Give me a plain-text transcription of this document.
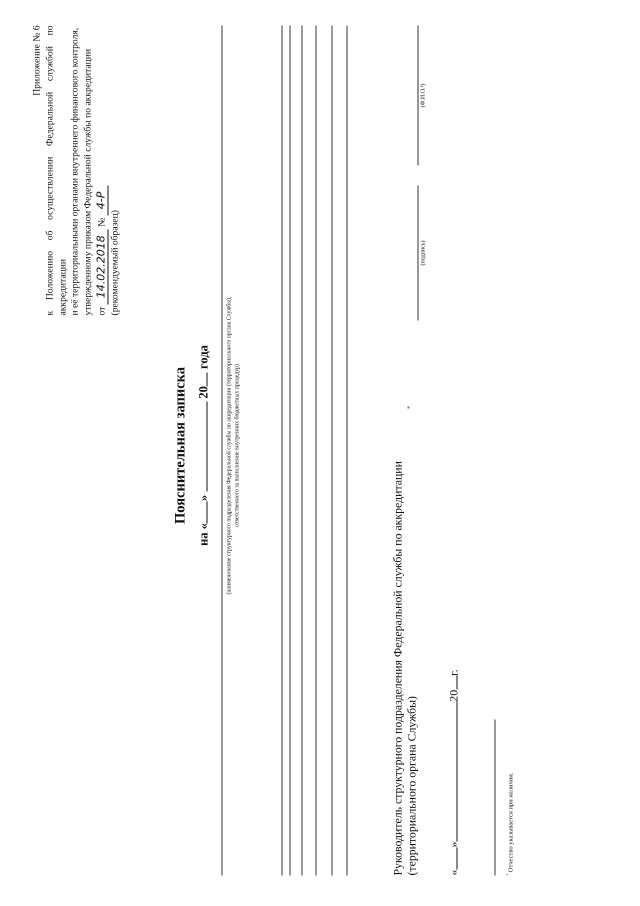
Приложение № 6 к Положению об осуществлении Федеральной службой по аккредитации и её территориальными органами внутреннего финансового контроля, утвержденному приказом Федеральной службы по аккредитации от 14.02.2018 № 4-Р
(рекомендуемый образец)
Пояснительная записка
на «»  20 года	(наименование структурного подразделения Федеральной службы по аккредитации (территориального органа Службы), ответственного за выполнение внутренних бюджетных процедур)
Руководитель структурного подразделения Федеральной службы по аккредитации (территориального органа Службы)
(подпись)
(Ф.И.О.¹)
«»20г.
$^{^1}$ Отчество указывается при наличии.
